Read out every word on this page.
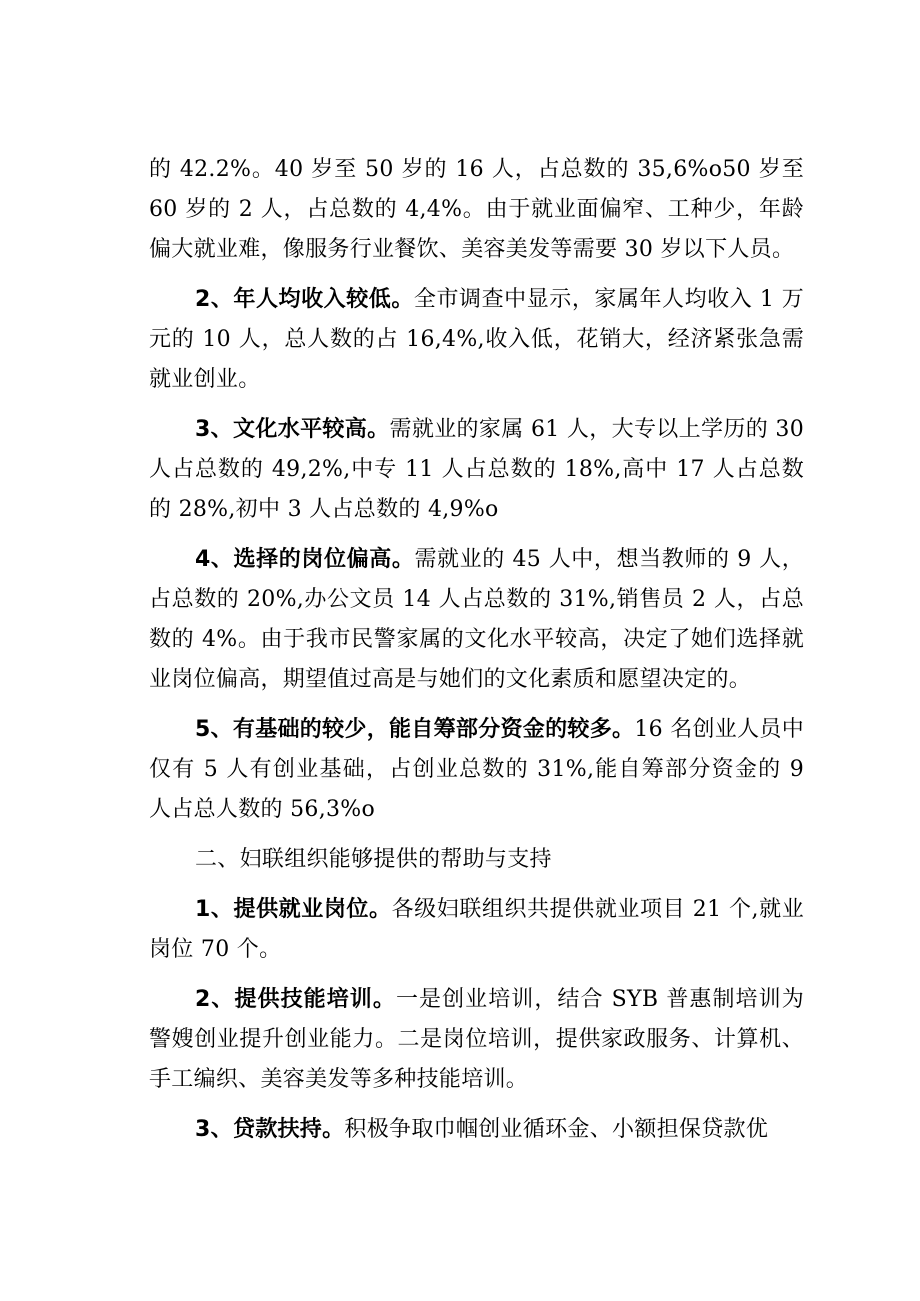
的 42.2%。40 岁至 50 岁的 16 人，占总数的 35,6%o50 岁至 60 岁的 2 人，占总数的 4,4%。由于就业面偏窄、工种少，年龄偏大就业难，像服务行业餐饮、美容美发等需要 30 岁以下人员。

2、年人均收入较低。全市调查中显示，家属年人均收入 1 万元的 10 人，总人数的占 16,4%,收入低，花销大，经济紧张急需就业创业。

3、文化水平较高。需就业的家属 61 人，大专以上学历的 30 人占总数的 49,2%,中专 11 人占总数的 18%,高中 17 人占总数的 28%,初中 3 人占总数的 4,9%o

4、选择的岗位偏高。需就业的 45 人中，想当教师的 9 人，占总数的 20%,办公文员 14 人占总数的 31%,销售员 2 人，占总数的 4%。由于我市民警家属的文化水平较高，决定了她们选择就业岗位偏高，期望值过高是与她们的文化素质和愿望决定的。

5、有基础的较少，能自筹部分资金的较多。16 名创业人员中仅有 5 人有创业基础，占创业总数的 31%,能自筹部分资金的 9 人占总人数的 56,3%o

二、妇联组织能够提供的帮助与支持

1、提供就业岗位。各级妇联组织共提供就业项目 21 个,就业岗位 70 个。

2、提供技能培训。一是创业培训，结合 SYB 普惠制培训为警嫂创业提升创业能力。二是岗位培训，提供家政服务、计算机、手工编织、美容美发等多种技能培训。

3、贷款扶持。积极争取巾帼创业循环金、小额担保贷款优
